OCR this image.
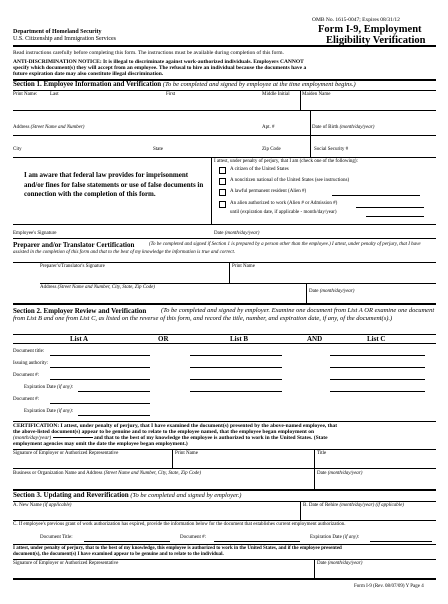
OMB No. 1615-0047; Expires 08/31/12
Department of Homeland Security
U.S. Citizenship and Immigration Services
Form I-9, Employment
Eligibility Verification
Read instructions carefully before completing this form. The instructions must be available during completion of this form.
ANTI-DISCRIMINATION NOTICE: It is illegal to discriminate against work-authorized individuals. Employers CANNOT
specify which document(s) they will accept from an employee. The refusal to hire an individual because the documents have a
future expiration date may also constitute illegal discrimination.
Section 1. Employee Information and Verification (To be completed and signed by employee at the time employment begins.)
Print Name:	Last	First	Middle Initial Maiden Name
Address (Street Name and Number)	Apt. #	Date of Birth (month/day/year)
City	State	Zip Code	Social Security #
I am aware that federal law provides for imprisonment and/or fines for false statements or use of false documents in connection with the completion of this form.
I attest, under penalty of perjury, that I am (check one of the following):
A citizen of the United States
A noncitizen national of the United States (see instructions)
A lawful permanent resident (Alien #)
An alien authorized to work (Alien # or Admission #)
until (expiration date, if applicable - month/day/year)
Employee's Signature	Date (month/day/year)
Preparer and/or Translator Certification	(To be completed and signed if Section 1 is prepared by a person other than the employee.) I attest, under penalty of perjury, that I have assisted in the completion of this form and that to the best of my knowledge the information is true and correct.
Preparer's/Translator's Signature	Print Name
Address (Street Name and Number, City, State, Zip Code)
Date (month/day/year)
Section 2. Employer Review and Verification	(To be completed and signed by employer. Examine one document from List A OR examine one document from List B and one from List C, as listed on the reverse of this form, and record the title, number, and expiration date, if any, of the document(s).)
List A	OR	List B	AND	List C
Document title:
Issuing authority:
Document #:
Expiration Date (if any):
Document #:
Expiration Date (if any):
CERTIFICATION: I attest, under penalty of perjury, that I have examined the document(s) presented by the above-named employee, that
the above-listed document(s) appear to be genuine and to relate to the employee named, that the employee began employment on
(month/day/year)	and that to the best of my knowledge the employee is authorized to work in the United States. (State
employment agencies may omit the date the employee began employment.)
Signature of Employer or Authorized Representative	Print Name	Title
Business or Organization Name and Address (Street Name and Number, City, State, Zip Code)	Date (month/day/year)
Section 3. Updating and Reverification (To be completed and signed by employer.)
A. New Name (if applicable)	B. Date of Rehire (month/day/year) (if applicable)
C. If employee's previous grant of work authorization has expired, provide the information below for the document that establishes current employment authorization.
Document Title:	Document #:	Expiration Date (if any):
I attest, under penalty of perjury, that to the best of my knowledge, this employee is authorized to work in the United States, and if the employee presented
document(s), the document(s) I have examined appear to be genuine and to relate to the individual.
Signature of Employer or Authorized Representative	Date (month/day/year)
Form I-9 (Rev. 08/07/09) Y Page 4
